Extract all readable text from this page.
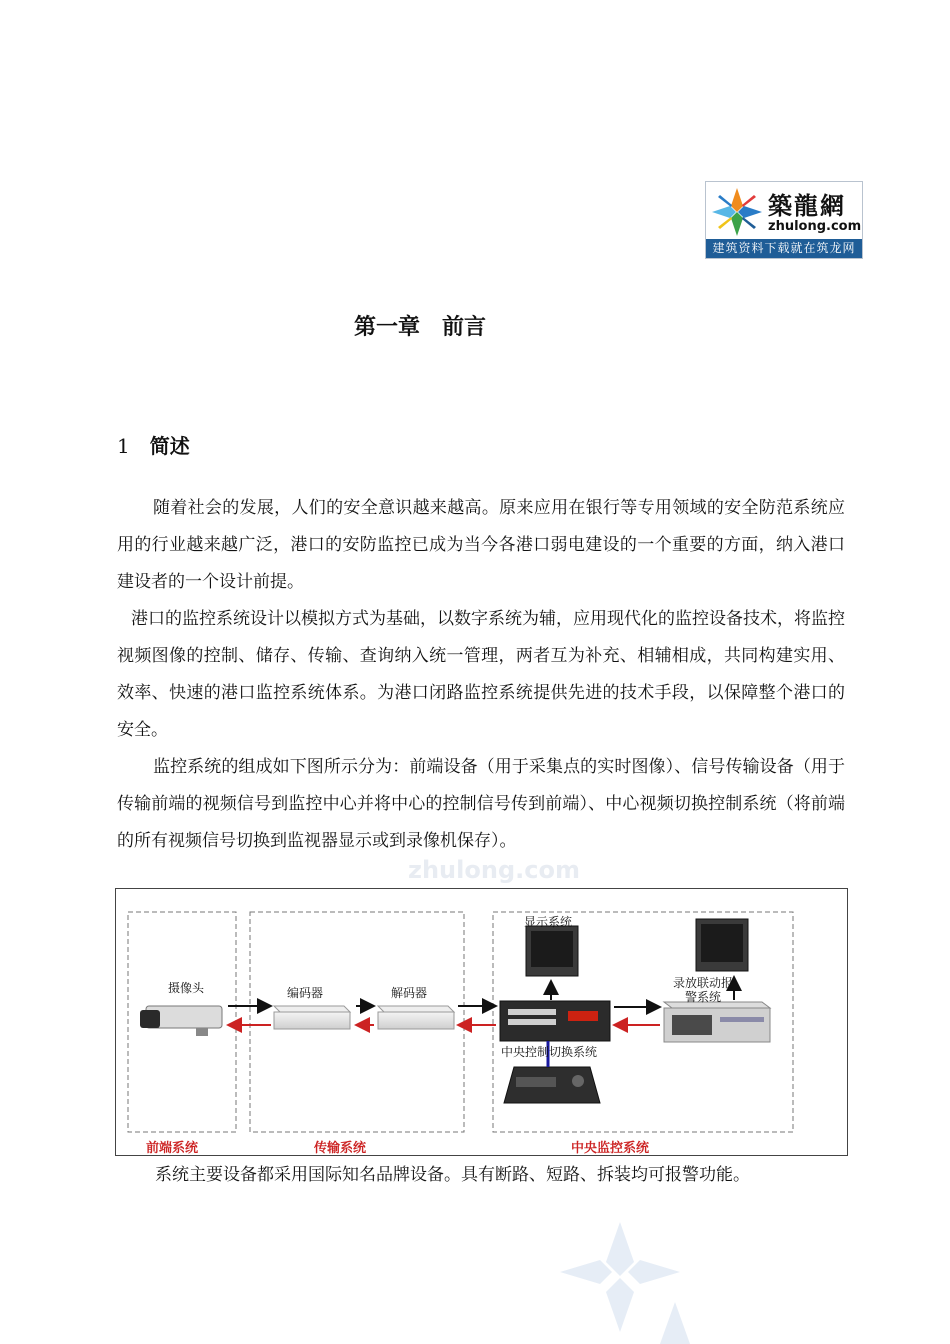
築龍網
zhulong.com
建筑资料下载就在筑龙网
第一章　前言
1 简述

随着社会的发展，人们的安全意识越来越高。原来应用在银行等专用领域的安全防范系统应用的行业越来越广泛，港口的安防监控已成为当今各港口弱电建设的一个重要的方面，纳入港口建设者的一个设计前提。

港口的监控系统设计以模拟方式为基础，以数字系统为辅，应用现代化的监控设备技术，将监控视频图像的控制、储存、传输、查询纳入统一管理，两者互为补充、相辅相成，共同构建实用、效率、快速的港口监控系统体系。为港口闭路监控系统提供先进的技术手段，以保障整个港口的安全。

监控系统的组成如下图所示分为：前端设备（用于采集点的实时图像）、信号传输设备（用于传输前端的视频信号到监控中心并将中心的控制信号传到前端）、中心视频切换控制系统（将前端的所有视频信号切换到监视器显示或到录像机保存）。

zhulong.com
摄像头	编码器	解码器
显示系统
录放联动报警系统
中央控制切换系统
前端系统	传输系统	中央监控系统
系统主要设备都采用国际知名品牌设备。具有断路、短路、拆装均可报警功能。
